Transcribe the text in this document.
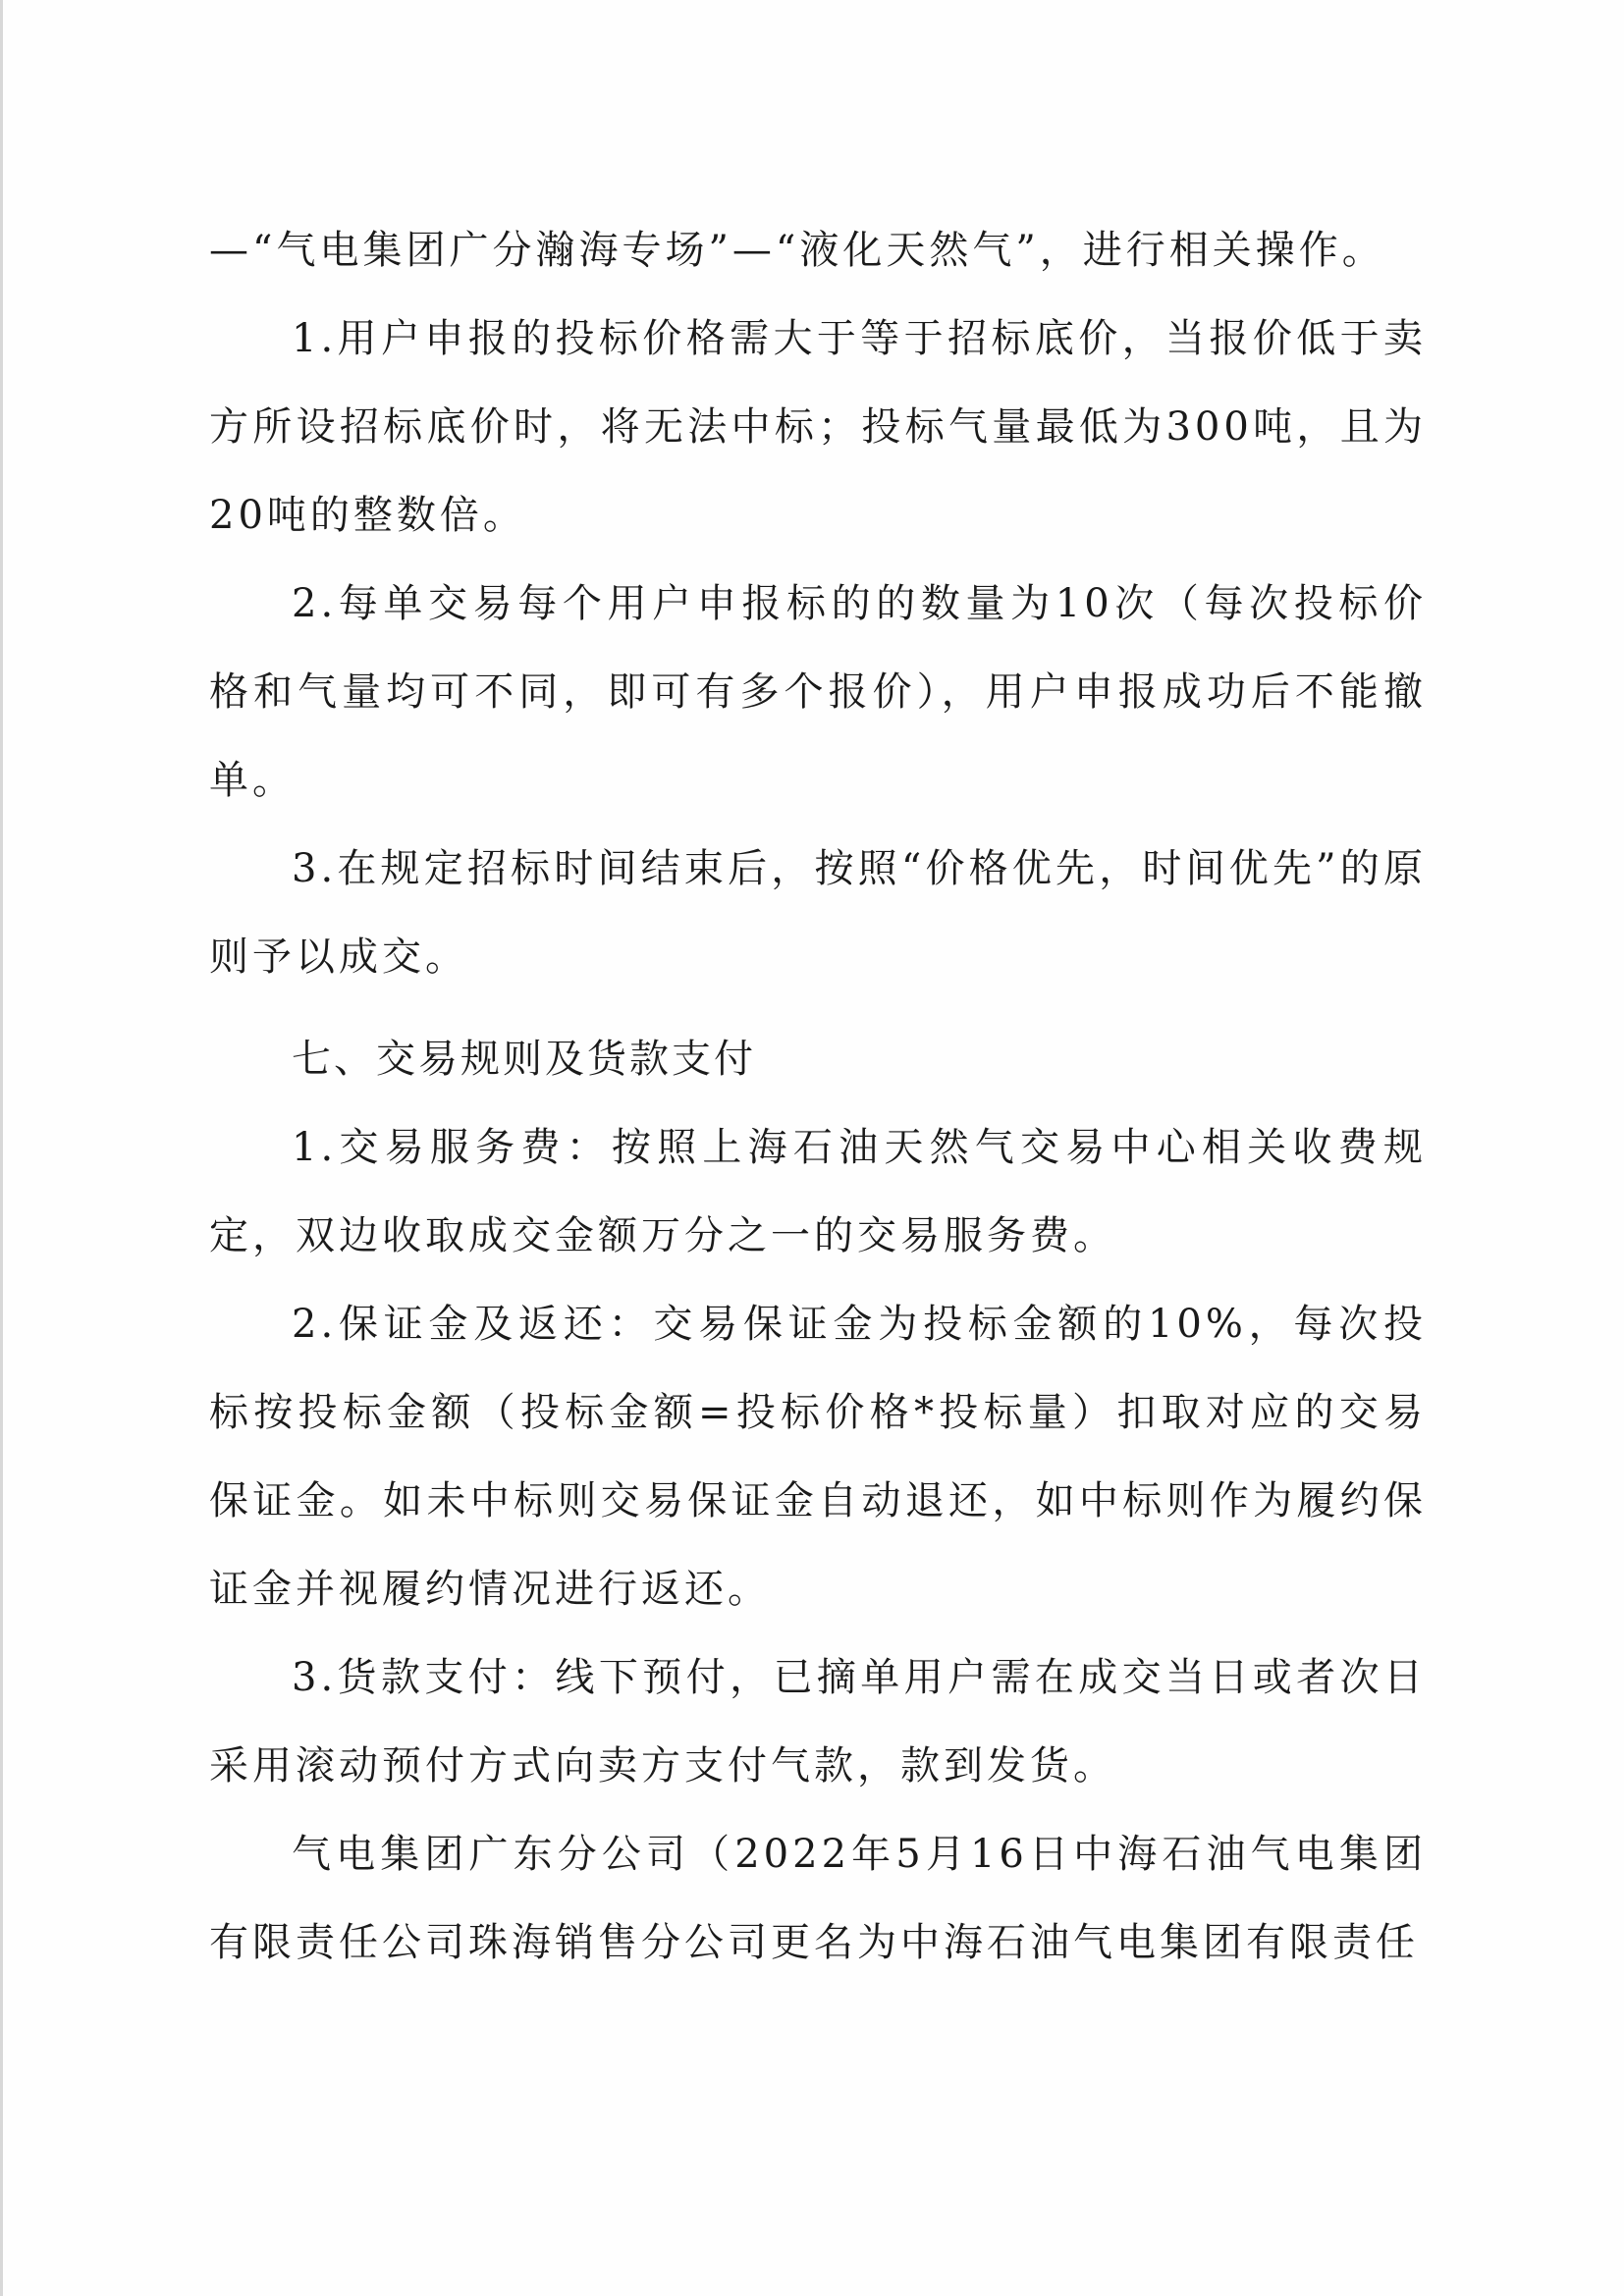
—“气电集团广分瀚海专场”—“液化天然气”，进行相关操作。

1.用户申报的投标价格需大于等于招标底价，当报价低于卖方所设招标底价时，将无法中标；投标气量最低为300吨，且为20吨的整数倍。

2.每单交易每个用户申报标的的数量为10次（每次投标价格和气量均可不同，即可有多个报价），用户申报成功后不能撤单。

3.在规定招标时间结束后，按照“价格优先，时间优先”的原则予以成交。

七、交易规则及货款支付

1.交易服务费：按照上海石油天然气交易中心相关收费规定，双边收取成交金额万分之一的交易服务费。

2.保证金及返还：交易保证金为投标金额的10%，每次投标按投标金额（投标金额=投标价格*投标量）扣取对应的交易保证金。如未中标则交易保证金自动退还，如中标则作为履约保证金并视履约情况进行返还。

3.货款支付：线下预付，已摘单用户需在成交当日或者次日采用滚动预付方式向卖方支付气款，款到发货。

气电集团广东分公司（2022年5月16日中海石油气电集团有限责任公司珠海销售分公司更名为中海石油气电集团有限责任
